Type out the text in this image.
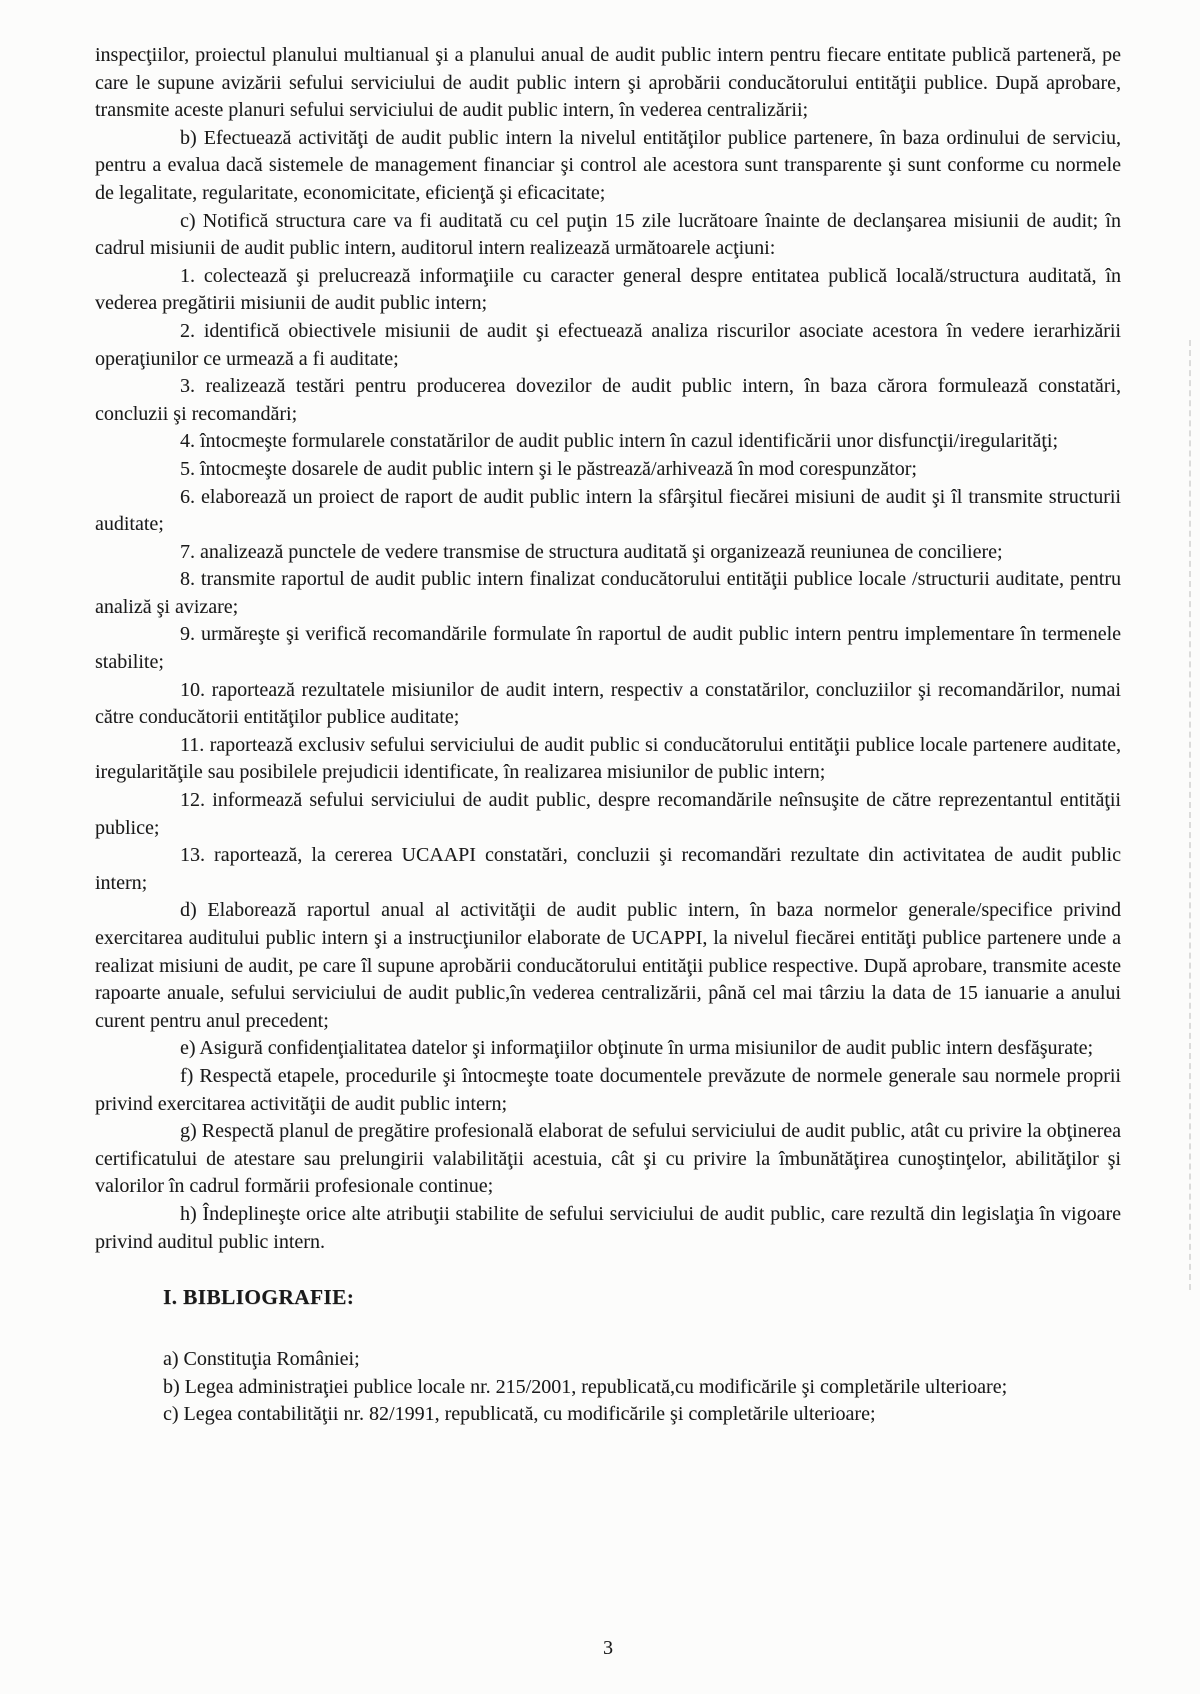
inspecţiilor, proiectul planului multianual şi a planului anual de audit public intern pentru fiecare entitate publică parteneră, pe care le supune avizării sefului serviciului de audit public intern şi aprobării conducătorului entităţii publice. După aprobare, transmite aceste planuri sefului serviciului de audit public intern, în vederea centralizării;

b) Efectuează activităţi de audit public intern la nivelul entităţilor publice partenere, în baza ordinului de serviciu, pentru a evalua dacă sistemele de management financiar şi control ale acestora sunt transparente şi sunt conforme cu normele de legalitate, regularitate, economicitate, eficienţă şi eficacitate;

c) Notifică structura care va fi auditată cu cel puţin 15 zile lucrătoare înainte de declanşarea misiunii de audit; în cadrul misiunii de audit public intern, auditorul intern realizează următoarele acţiuni:

1. colectează şi prelucrează informaţiile cu caracter general despre entitatea publică locală/structura auditată, în vederea pregătirii misiunii de audit public intern;

2. identifică obiectivele misiunii de audit şi efectuează analiza riscurilor asociate acestora în vedere ierarhizării operaţiunilor ce urmează a fi auditate;

3. realizează testări pentru producerea dovezilor de audit public intern, în baza cărora formulează constatări, concluzii şi recomandări;

4. întocmeşte formularele constatărilor de audit public intern în cazul identificării unor disfuncţii/iregularităţi;

5. întocmeşte dosarele de audit public intern şi le păstrează/arhivează în mod corespunzător;

6. elaborează un proiect de raport de audit public intern la sfârşitul fiecărei misiuni de audit şi îl transmite structurii auditate;

7. analizează punctele de vedere transmise de structura auditată şi organizează reuniunea de conciliere;

8. transmite raportul de audit public intern finalizat conducătorului entităţii publice locale /structurii auditate, pentru analiză şi avizare;

9. urmăreşte şi verifică recomandările formulate în raportul de audit public intern pentru implementare în termenele stabilite;

10. raportează rezultatele misiunilor de audit intern, respectiv a constatărilor, concluziilor şi recomandărilor, numai către conducătorii entităţilor publice auditate;

11. raportează exclusiv sefului serviciului de audit public si conducătorului entităţii publice locale partenere auditate, iregularităţile sau posibilele prejudicii identificate, în realizarea misiunilor de public intern;

12. informează sefului serviciului de audit public, despre recomandările neînsuşite de către reprezentantul entităţii publice;

13. raportează, la cererea UCAAPI constatări, concluzii şi recomandări rezultate din activitatea de audit public intern;

d) Elaborează raportul anual al activităţii de audit public intern, în baza normelor generale/specifice privind exercitarea auditului public intern şi a instrucţiunilor elaborate de UCAPPI, la nivelul fiecărei entităţi publice partenere unde a realizat misiuni de audit, pe care îl supune aprobării conducătorului entităţii publice respective. După aprobare, transmite aceste rapoarte anuale, sefului serviciului de audit public,în vederea centralizării, până cel mai târziu la data de 15 ianuarie a anului curent pentru anul precedent;

e) Asigură confidenţialitatea datelor şi informaţiilor obţinute în urma misiunilor de audit public intern desfăşurate;

f) Respectă etapele, procedurile şi întocmeşte toate documentele prevăzute de normele generale sau normele proprii privind exercitarea activităţii de audit public intern;

g) Respectă planul de pregătire profesională elaborat de sefului serviciului de audit public, atât cu privire la obţinerea certificatului de atestare sau prelungirii valabilităţii acestuia, cât şi cu privire la îmbunătăţirea cunoştinţelor, abilităţilor şi valorilor în cadrul formării profesionale continue;

h) Îndeplineşte orice alte atribuţii stabilite de sefului serviciului de audit public, care rezultă din legislaţia în vigoare privind auditul public intern.

I. BIBLIOGRAFIE:

a) Constituţia României;

b) Legea administraţiei publice locale nr. 215/2001, republicată,cu modificările şi completările ulterioare;

c) Legea contabilităţii nr. 82/1991, republicată, cu modificările şi completările ulterioare;

3
